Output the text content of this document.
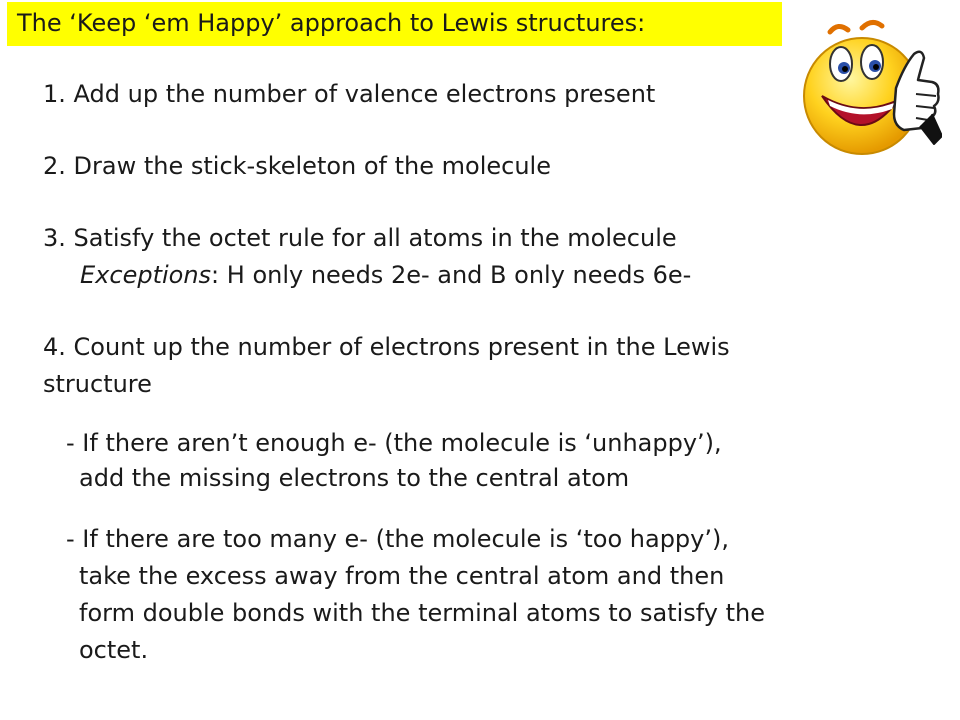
The ‘Keep ‘em Happy’ approach to Lewis structures:
1. Add up the number of valence electrons present
2. Draw the stick-skeleton of the molecule
3. Satisfy the octet rule for all atoms in the molecule
Exceptions: H only needs 2e- and B only needs 6e-
4. Count up the number of electrons present in the Lewis
structure
- If there aren’t enough e- (the molecule is ‘unhappy’),
add the missing electrons to the central atom
- If there are too many e- (the molecule is ‘too happy’),
take the excess away from the central atom and then
form double bonds with the terminal atoms to satisfy the
octet.
